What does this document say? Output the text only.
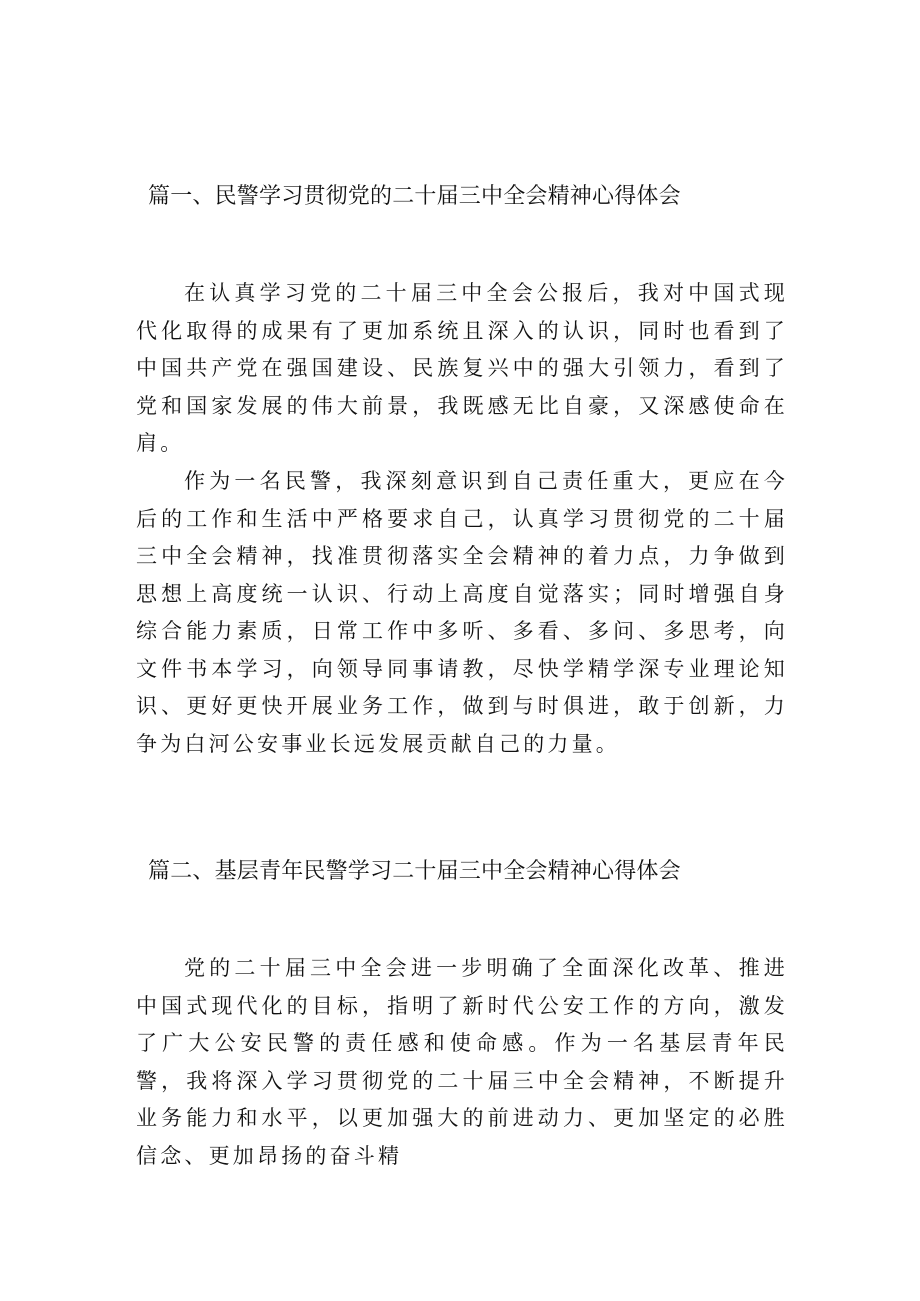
篇一、民警学习贯彻党的二十届三中全会精神心得体会

在认真学习党的二十届三中全会公报后，我对中国式现代化取得的成果有了更加系统且深入的认识，同时也看到了中国共产党在强国建设、民族复兴中的强大引领力，看到了党和国家发展的伟大前景，我既感无比自豪，又深感使命在肩。

作为一名民警，我深刻意识到自己责任重大，更应在今后的工作和生活中严格要求自己，认真学习贯彻党的二十届三中全会精神，找准贯彻落实全会精神的着力点，力争做到思想上高度统一认识、行动上高度自觉落实；同时增强自身综合能力素质，日常工作中多听、多看、多问、多思考，向文件书本学习，向领导同事请教，尽快学精学深专业理论知识、更好更快开展业务工作，做到与时俱进，敢于创新，力争为白河公安事业长远发展贡献自己的力量。

篇二、基层青年民警学习二十届三中全会精神心得体会

党的二十届三中全会进一步明确了全面深化改革、推进中国式现代化的目标，指明了新时代公安工作的方向，激发了广大公安民警的责任感和使命感。作为一名基层青年民警，我将深入学习贯彻党的二十届三中全会精神，不断提升业务能力和水平，以更加强大的前进动力、更加坚定的必胜信念、更加昂扬的奋斗精
